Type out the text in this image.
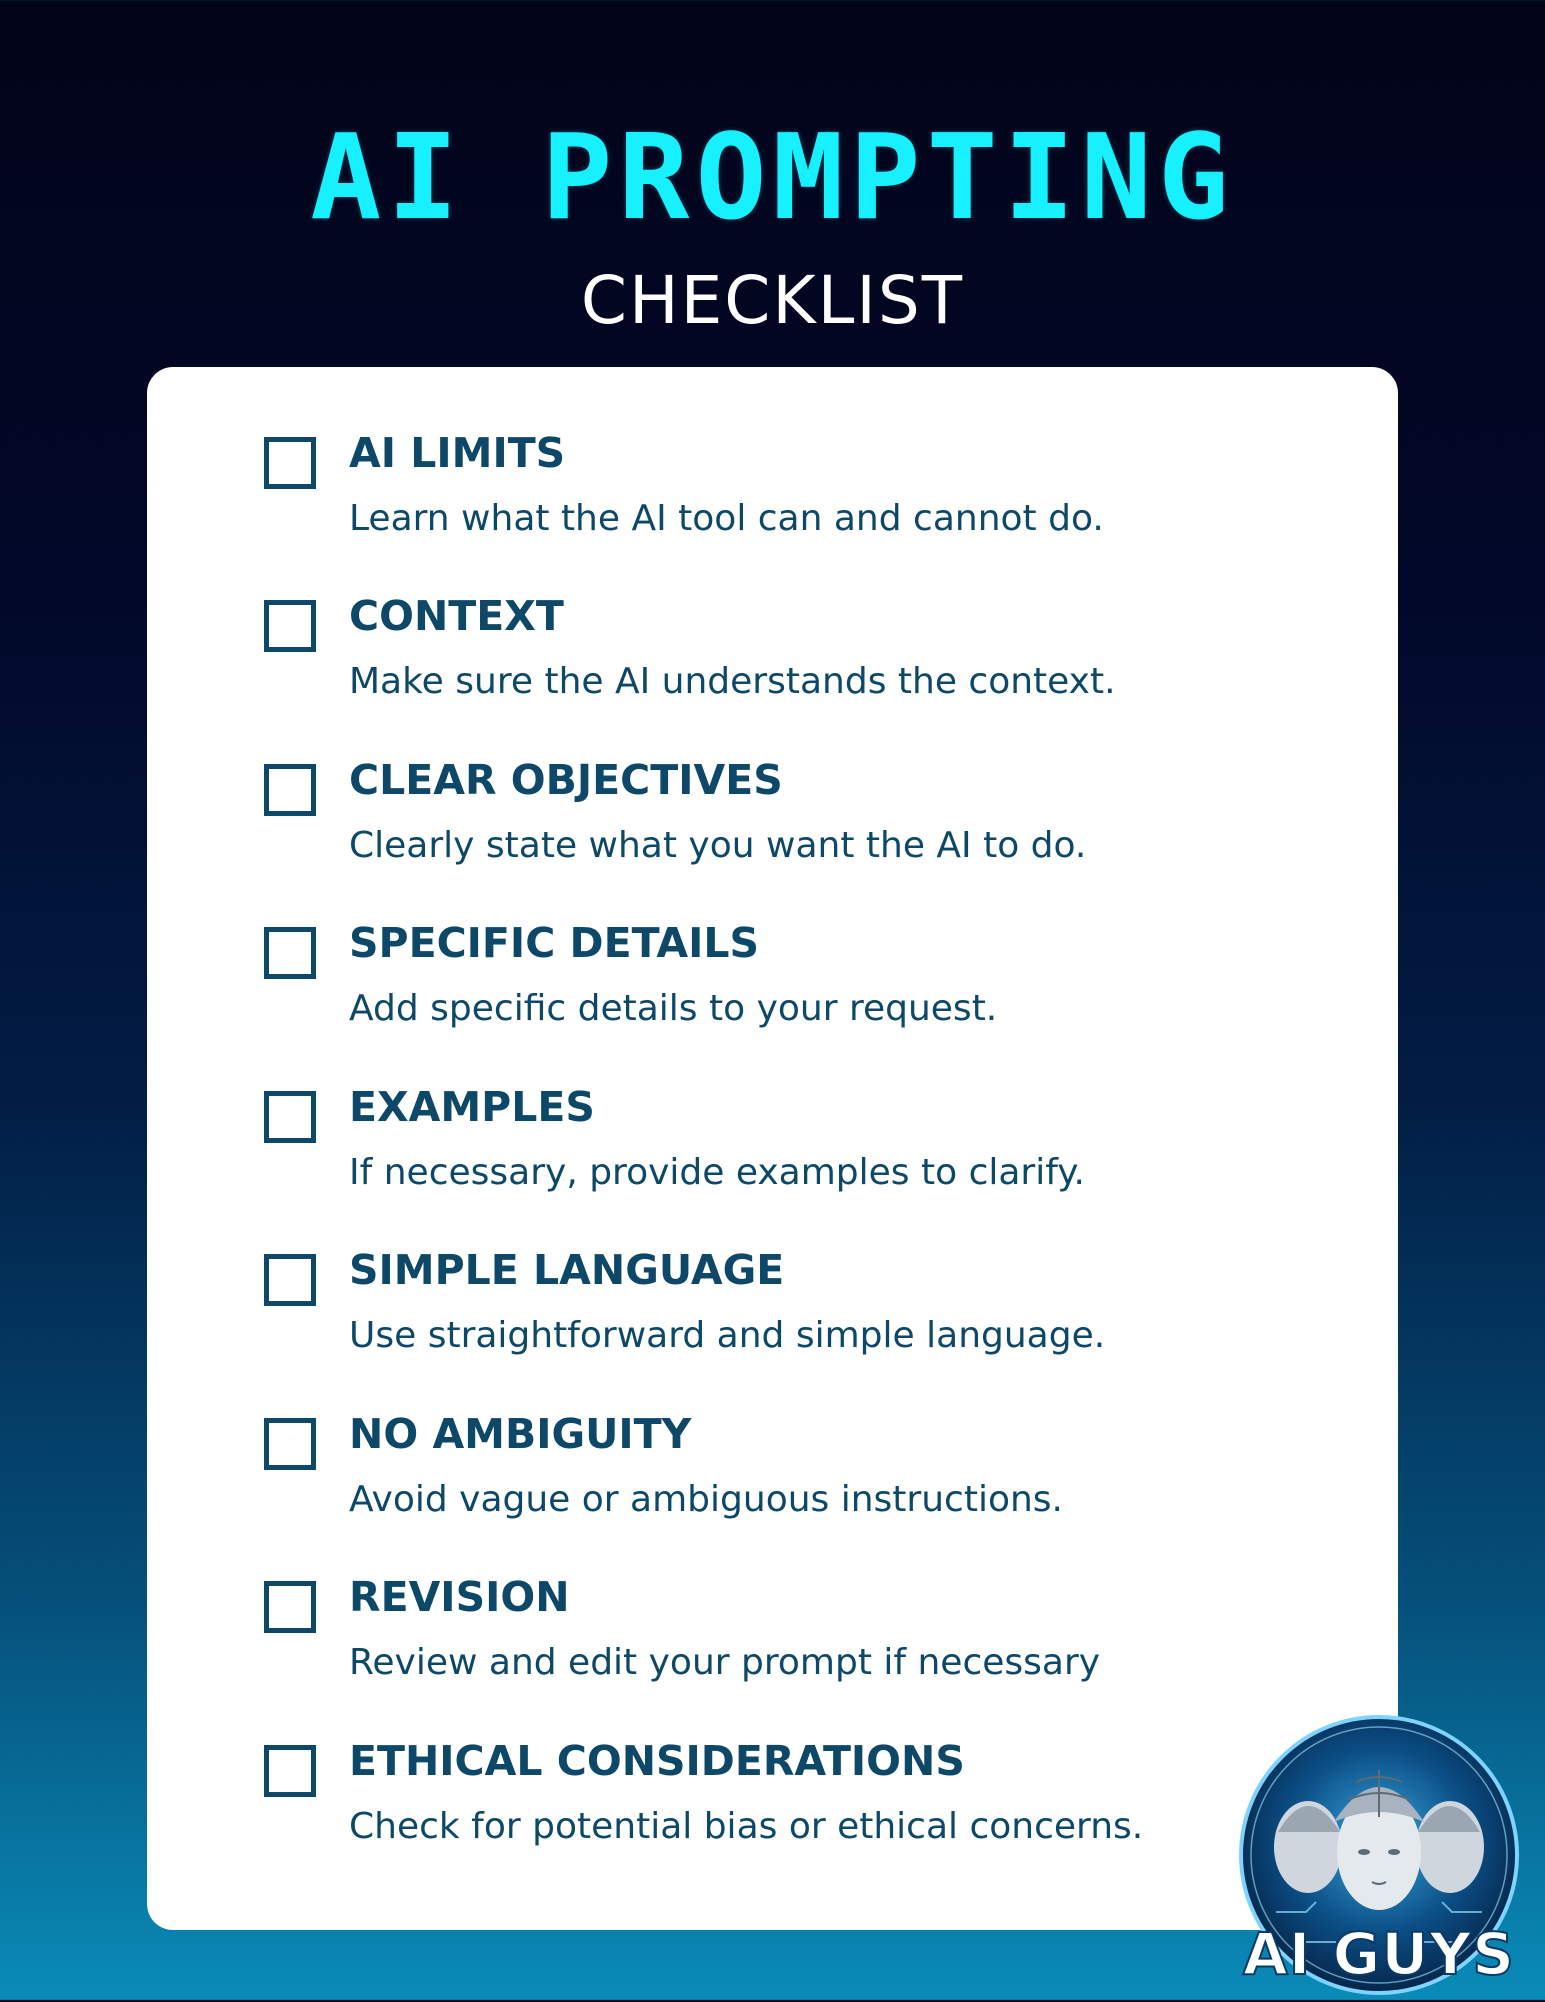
AI PROMPTING
CHECKLIST
AI LIMITS
Learn what the AI tool can and cannot do.
CONTEXT
Make sure the AI understands the context.
CLEAR OBJECTIVES
Clearly state what you want the AI to do.
SPECIFIC DETAILS
Add specific details to your request.
EXAMPLES
If necessary, provide examples to clarify.
SIMPLE LANGUAGE
Use straightforward and simple language.
NO AMBIGUITY
Avoid vague or ambiguous instructions.
REVISION
Review and edit your prompt if necessary
ETHICAL CONSIDERATIONS
Check for potential bias or ethical concerns.
AI GUYS
